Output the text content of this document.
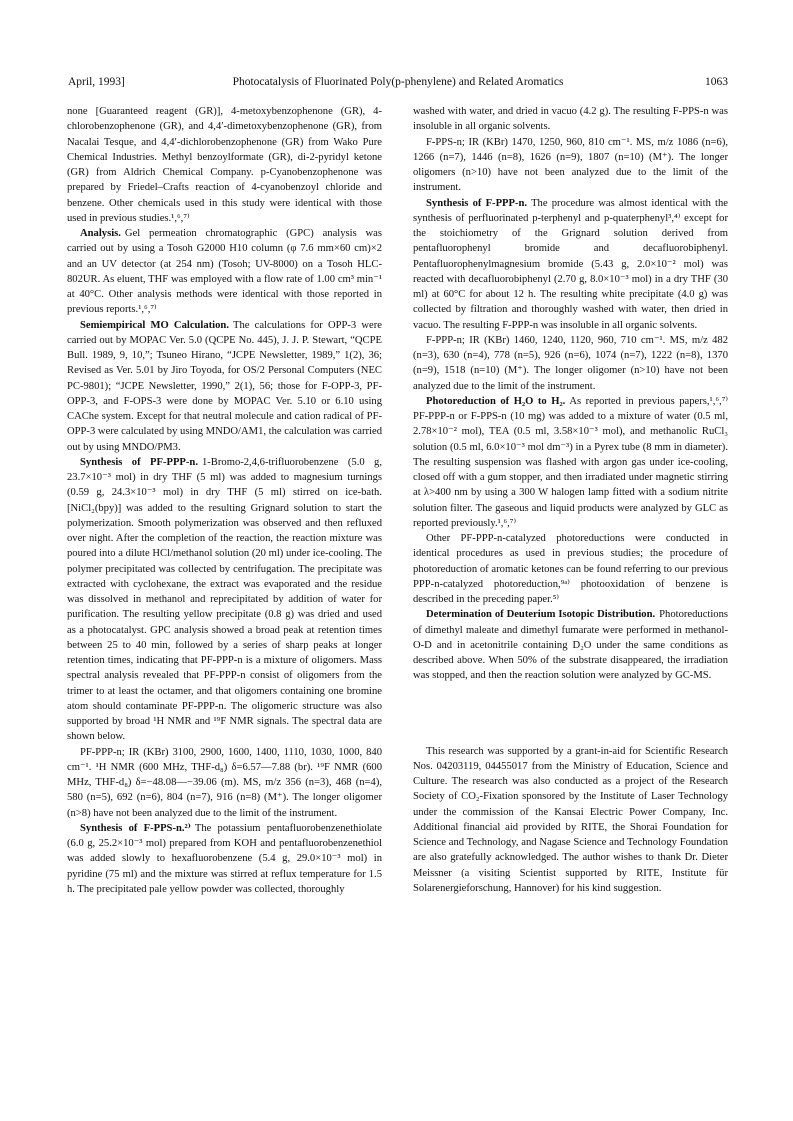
April, 1993]	Photocatalysis of Fluorinated Poly(p-phenylene) and Related Aromatics	1063

none [Guaranteed reagent (GR)], 4-metoxybenzophenone (GR), 4-chlorobenzophenone (GR), and 4,4′-dimetoxybenzophenone (GR), from Nacalai Tesque, and 4,4′-dichlorobenzophenone (GR) from Wako Pure Chemical Industries. Methyl benzoylformate (GR), di-2-pyridyl ketone (GR) from Aldrich Chemical Company. p-Cyanobenzophenone was prepared by Friedel–Crafts reaction of 4-cyanobenzoyl chloride and benzene. Other chemicals used in this study were identical with those used in previous studies.¹,⁶,⁷⁾

Analysis. Gel permeation chromatographic (GPC) analysis was carried out by using a Tosoh G2000 H10 column (φ 7.6 mm×60 cm)×2 and an UV detector (at 254 nm) (Tosoh; UV-8000) on a Tosoh HLC-802UR. As eluent, THF was employed with a flow rate of 1.00 cm³ min⁻¹ at 40°C. Other analysis methods were identical with those reported in previous reports.¹,⁶,⁷⁾

Semiempirical MO Calculation. The calculations for OPP-3 were carried out by MOPAC Ver. 5.0 (QCPE No. 445), J. J. P. Stewart, “QCPE Bull. 1989, 9, 10,”; Tsuneo Hirano, “JCPE Newsletter, 1989,” 1(2), 36; Revised as Ver. 5.01 by Jiro Toyoda, for OS/2 Personal Computers (NEC PC-9801); “JCPE Newsletter, 1990,” 2(1), 56; those for F-OPP-3, PF-OPP-3, and F-OPS-3 were done by MOPAC Ver. 5.10 or 6.10 using CAChe system. Except for that neutral molecule and cation radical of PF-OPP-3 were calculated by using MNDO/AM1, the calculation was carried out by using MNDO/PM3.

Synthesis of PF-PPP-n. 1-Bromo-2,4,6-trifluorobenzene (5.0 g, 23.7×10⁻³ mol) in dry THF (5 ml) was added to magnesium turnings (0.59 g, 24.3×10⁻³ mol) in dry THF (5 ml) stirred on ice-bath. [NiCl₂(bpy)] was added to the resulting Grignard solution to start the polymerization. Smooth polymerization was observed and then refluxed over night. After the completion of the reaction, the reaction mixture was poured into a dilute HCl/methanol solution (20 ml) under ice-cooling. The polymer precipitated was collected by centrifugation. The precipitate was extracted with cyclohexane, the extract was evaporated and the residue was dissolved in methanol and reprecipitated by addition of water for purification. The resulting yellow precipitate (0.8 g) was dried and used as a photocatalyst. GPC analysis showed a broad peak at retention times between 25 to 40 min, followed by a series of sharp peaks at longer retention times, indicating that PF-PPP-n is a mixture of oligomers. Mass spectral analysis revealed that PF-PPP-n consist of oligomers from the trimer to at least the octamer, and that oligomers containing one bromine atom should contaminate PF-PPP-n. The oligomeric structure was also supported by broad ¹H NMR and ¹⁹F NMR signals. The spectral data are shown below.

PF-PPP-n; IR (KBr) 3100, 2900, 1600, 1400, 1110, 1030, 1000, 840 cm⁻¹. ¹H NMR (600 MHz, THF-d₈) δ=6.57—7.88 (br). ¹⁹F NMR (600 MHz, THF-d₈) δ=−48.08—−39.06 (m). MS, m/z 356 (n=3), 468 (n=4), 580 (n=5), 692 (n=6), 804 (n=7), 916 (n=8) (M⁺). The longer oligomer (n>8) have not been analyzed due to the limit of the instrument.

Synthesis of F-PPS-n.²⁾ The potassium pentafluorobenzenethiolate (6.0 g, 25.2×10⁻³ mol) prepared from KOH and pentafluorobenzenethiol was added slowly to hexafluorobenzene (5.4 g, 29.0×10⁻³ mol) in pyridine (75 ml) and the mixture was stirred at reflux temperature for 1.5 h. The precipitated pale yellow powder was collected, thoroughly

washed with water, and dried in vacuo (4.2 g). The resulting F-PPS-n was insoluble in all organic solvents.

F-PPS-n; IR (KBr) 1470, 1250, 960, 810 cm⁻¹. MS, m/z 1086 (n=6), 1266 (n=7), 1446 (n=8), 1626 (n=9), 1807 (n=10) (M⁺). The longer oligomers (n>10) have not been analyzed due to the limit of the instrument.

Synthesis of F-PPP-n. The procedure was almost identical with the synthesis of perfluorinated p-terphenyl and p-quaterphenyl³,⁴⁾ except for the stoichiometry of the Grignard solution derived from pentafluorophenyl bromide and decafluorobiphenyl. Pentafluorophenylmagnesium bromide (5.43 g, 2.0×10⁻² mol) was reacted with decafluorobiphenyl (2.70 g, 8.0×10⁻³ mol) in a dry THF (30 ml) at 60°C for about 12 h. The resulting white precipitate (4.0 g) was collected by filtration and thoroughly washed with water, then dried in vacuo. The resulting F-PPP-n was insoluble in all organic solvents.

F-PPP-n; IR (KBr) 1460, 1240, 1120, 960, 710 cm⁻¹. MS, m/z 482 (n=3), 630 (n=4), 778 (n=5), 926 (n=6), 1074 (n=7), 1222 (n=8), 1370 (n=9), 1518 (n=10) (M⁺). The longer oligomer (n>10) have not been analyzed due to the limit of the instrument.

Photoreduction of H₂O to H₂. As reported in previous papers,¹,⁶,⁷⁾ PF-PPP-n or F-PPS-n (10 mg) was added to a mixture of water (0.5 ml, 2.78×10⁻² mol), TEA (0.5 ml, 3.58×10⁻³ mol), and methanolic RuCl₃ solution (0.5 ml, 6.0×10⁻³ mol dm⁻³) in a Pyrex tube (8 mm in diameter). The resulting suspension was flashed with argon gas under ice-cooling, closed off with a gum stopper, and then irradiated under magnetic stirring at λ>400 nm by using a 300 W halogen lamp fitted with a sodium nitrite solution filter. The gaseous and liquid products were analyzed by GLC as reported previously.¹,⁶,⁷⁾

Other PF-PPP-n-catalyzed photoreductions were conducted in identical procedures as used in previous studies; the procedure of photoreduction of aromatic ketones can be found referring to our previous PPP-n-catalyzed photoreduction,⁹ᵃ⁾ photooxidation of benzene is described in the preceding paper.⁵⁾

Determination of Deuterium Isotopic Distribution. Photoreductions of dimethyl maleate and dimethyl fumarate were performed in methanol-O-D and in acetonitrile containing D₂O under the same conditions as described above. When 50% of the substrate disappeared, the irradiation was stopped, and then the reaction solution were analyzed by GC-MS.

This research was supported by a grant-in-aid for Scientific Research Nos. 04203119, 04455017 from the Ministry of Education, Science and Culture. The research was also conducted as a project of the Research Society of CO₂-Fixation sponsored by the Institute of Laser Technology under the commission of the Kansai Electric Power Company, Inc. Additional financial aid provided by RITE, the Shorai Foundation for Science and Technology, and Nagase Science and Technology Foundation are also gratefully acknowledged. The author wishes to thank Dr. Dieter Meissner (a visiting Scientist supported by RITE, Institute für Solarenergieforschung, Hannover) for his kind suggestion.
